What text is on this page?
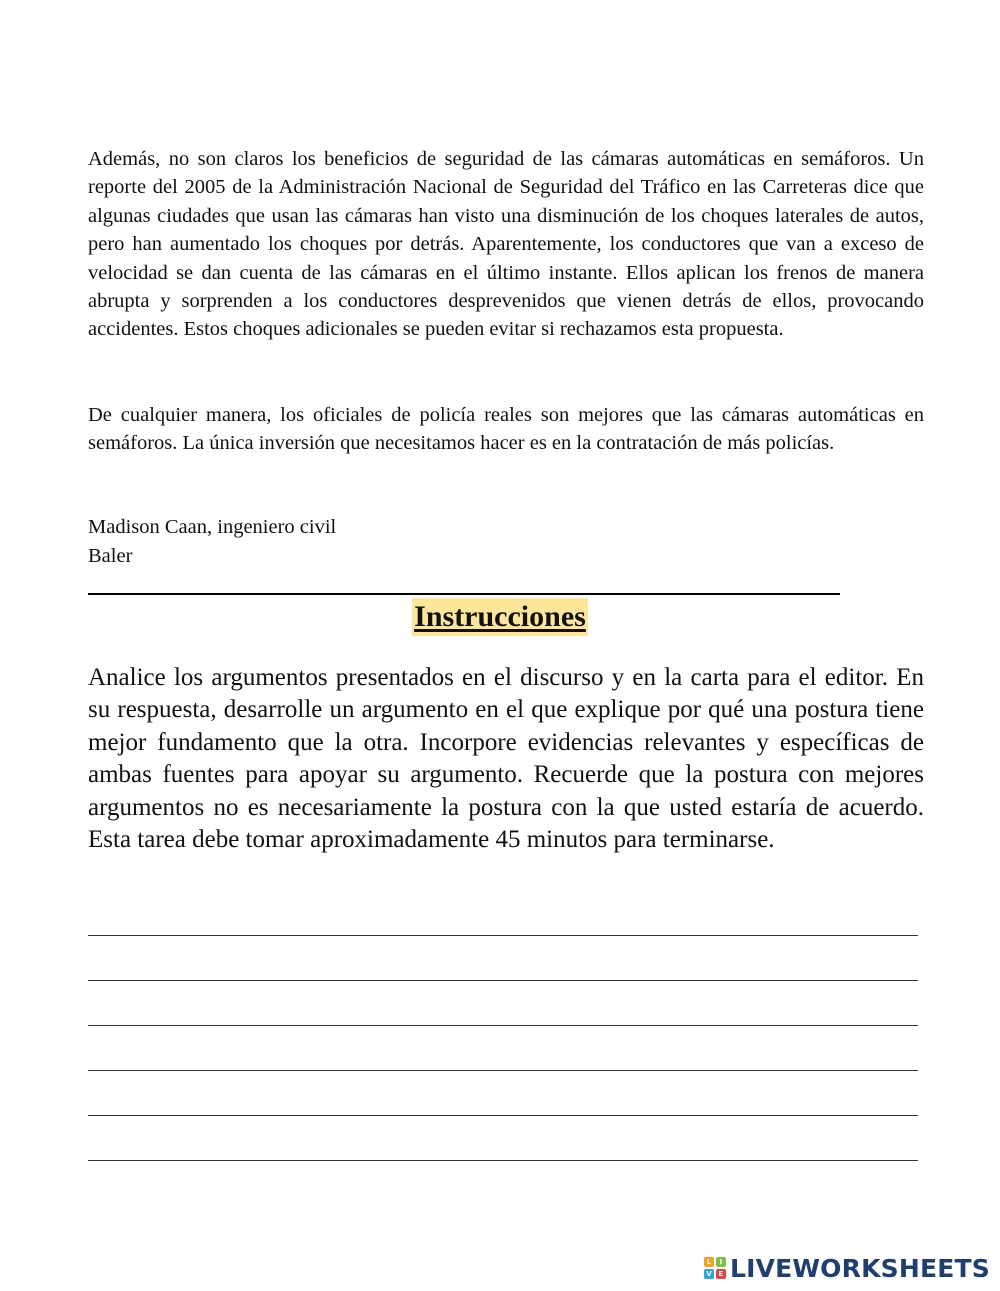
Además, no son claros los beneficios de seguridad de las cámaras automáticas en semáforos. Un reporte del 2005 de la Administración Nacional de Seguridad del Tráfico en las Carreteras dice que algunas ciudades que usan las cámaras han visto una disminución de los choques laterales de autos, pero han aumentado los choques por detrás. Aparentemente, los conductores que van a exceso de velocidad se dan cuenta de las cámaras en el último instante. Ellos aplican los frenos de manera abrupta y sorprenden a los conductores desprevenidos que vienen detrás de ellos, provocando accidentes. Estos choques adicionales se pueden evitar si rechazamos esta propuesta.

De cualquier manera, los oficiales de policía reales son mejores que las cámaras automáticas en semáforos. La única inversión que necesitamos hacer es en la contratación de más policías.

Madison Caan, ingeniero civil

Baler

Instrucciones

Analice los argumentos presentados en el discurso y en la carta para el editor. En su respuesta, desarrolle un argumento en el que explique por qué una postura tiene mejor fundamento que la otra. Incorpore evidencias relevantes y específicas de ambas fuentes para apoyar su argumento. Recuerde que la postura con mejores argumentos no es necesariamente la postura con la que usted estaría de acuerdo. Esta tarea debe tomar aproximadamente 45 minutos para terminarse.

L	I
V E LIVEWORKSHEETS
